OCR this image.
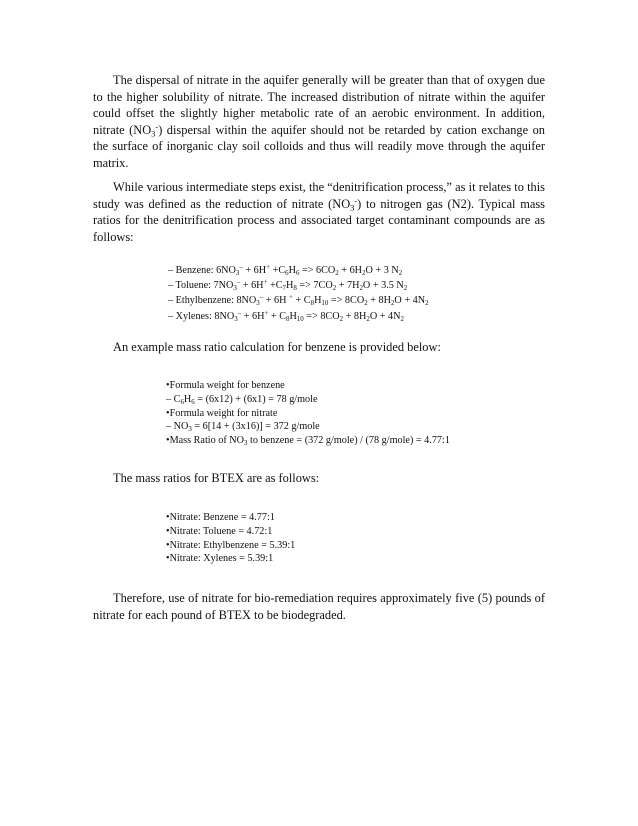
The dispersal of nitrate in the aquifer generally will be greater than that of oxygen due to the higher solubility of nitrate. The increased distribution of nitrate within the aquifer could offset the slightly higher metabolic rate of an aerobic environment. In addition, nitrate $(NO_3^-)$ dispersal within the aquifer should not be retarded by cation exchange on the surface of inorganic clay soil colloids and thus will readily move through the aquifer matrix.

While various intermediate steps exist, the “denitrification process,” as it relates to this study was defined as the reduction of nitrate $(NO_3^-)$ to nitrogen gas (N2). Typical mass ratios for the denitrification process and associated target contaminant compounds are as follows:

– Benzene: $6NO_3^- + 6H^+ +C_6H_6 => 6CO_2 + 6H_2O + 3$ $N_2$
– Toluene: $7NO_3^- + 6H^+ +C_7H_8 => 7CO_2 + 7H_2O + 3.5$ $N_2$
– Ethylbenzene: $8NO_3^- + 6H$ $^+ + C_8H_{10} => 8CO_2 + 8H_2O + 4N_2$
– Xylenes: $8NO_3^- + 6H^+ + C_8H_{10} => 8CO_2 + 8H_2O + 4N_2$

An example mass ratio calculation for benzene is provided below:

•Formula weight for benzene
– $C_6H_6 = (6x12) + (6x1) = 78$ g/mole
•Formula weight for nitrate
– $NO_3 = 6[14 + (3x16)] = 372$ g/mole
•Mass Ratio of $NO_3$ to benzene = (372 g/mole) / (78 g/mole) = 4.77:1

The mass ratios for BTEX are as follows:

•Nitrate: Benzene = 4.77:1
•Nitrate: Toluene = 4.72:1
•Nitrate: Ethylbenzene = 5.39:1
•Nitrate: Xylenes = 5.39:1

Therefore, use of nitrate for bio-remediation requires approximately five (5) pounds of nitrate for each pound of BTEX to be biodegraded.
